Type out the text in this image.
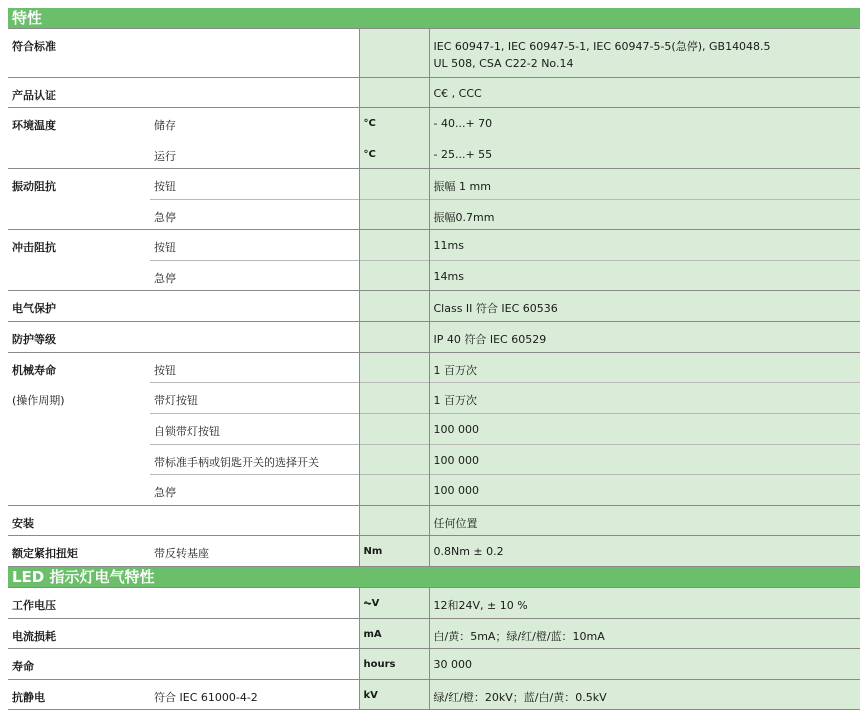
特性
符合标准			IEC 60947-1, IEC 60947-5-1, IEC 60947-5-5(急停), GB14048.5
UL 508, CSA C22-2 No.14

产品认证			C€ , CCC
环境温度	储存	°C	- 40...+ 70
	运行	°C	- 25...+ 55
振动阻抗	按钮		振幅 1 mm
	急停		振幅0.7mm
冲击阻抗	按钮		11ms
	急停		14ms
电气保护			Class II 符合 IEC 60536
防护等级			IP 40 符合 IEC 60529
机械寿命	按钮		1 百万次
(操作周期)	带灯按钮		1 百万次
	自锁带灯按钮		100 000
	带标准手柄或钥匙开关的选择开关		100 000
	急停		100 000
安装			任何位置
额定紧扣扭矩	带反转基座	Nm	0.8Nm ± 0.2
LED 指示灯电气特性
工作电压		⏦V	12和24V, ± 10 %
电流损耗		mA	白/黄：5mA；绿/红/橙/蓝：10mA
寿命		hours	30 000
抗静电	符合 IEC 61000-4-2	kV	绿/红/橙：20kV；蓝/白/黄：0.5kV
